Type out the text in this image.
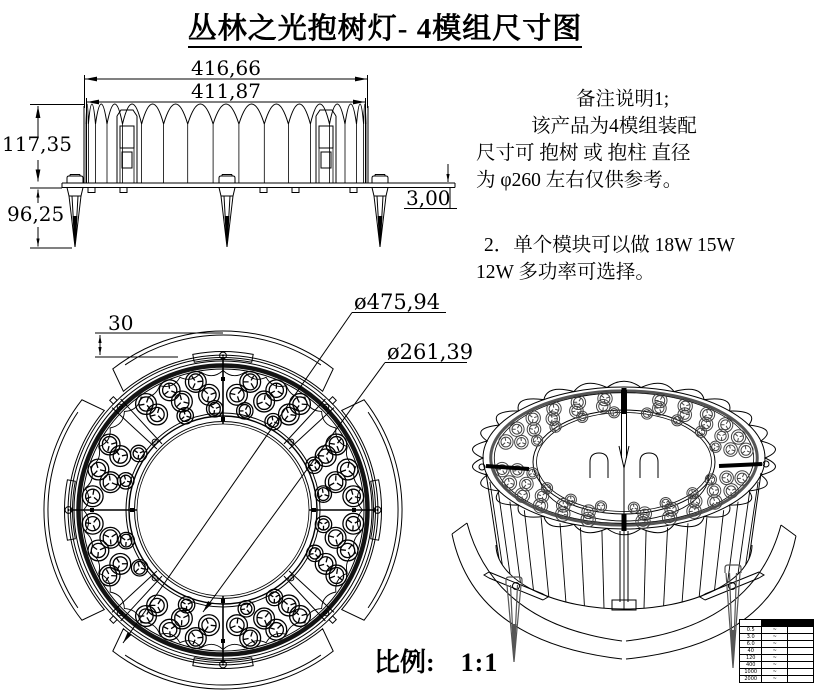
丛林之光抱树灯- 4模组尺寸图
416,66
411,87
117,35
96,25
3,00
30
ø475,94
ø261,39
备注说明1;
该产品为4模组装配
尺寸可 抱树 或 抱柱 直径
为 φ260 左右仅供参考。
2．单个模块可以做 18W 15W
12W 多功率可选择。
比例: 1:1

0.5	~	
3.0	~	
6.0	~	
40	~	
120	~	
400	~	
1000	~	
2000	~	
